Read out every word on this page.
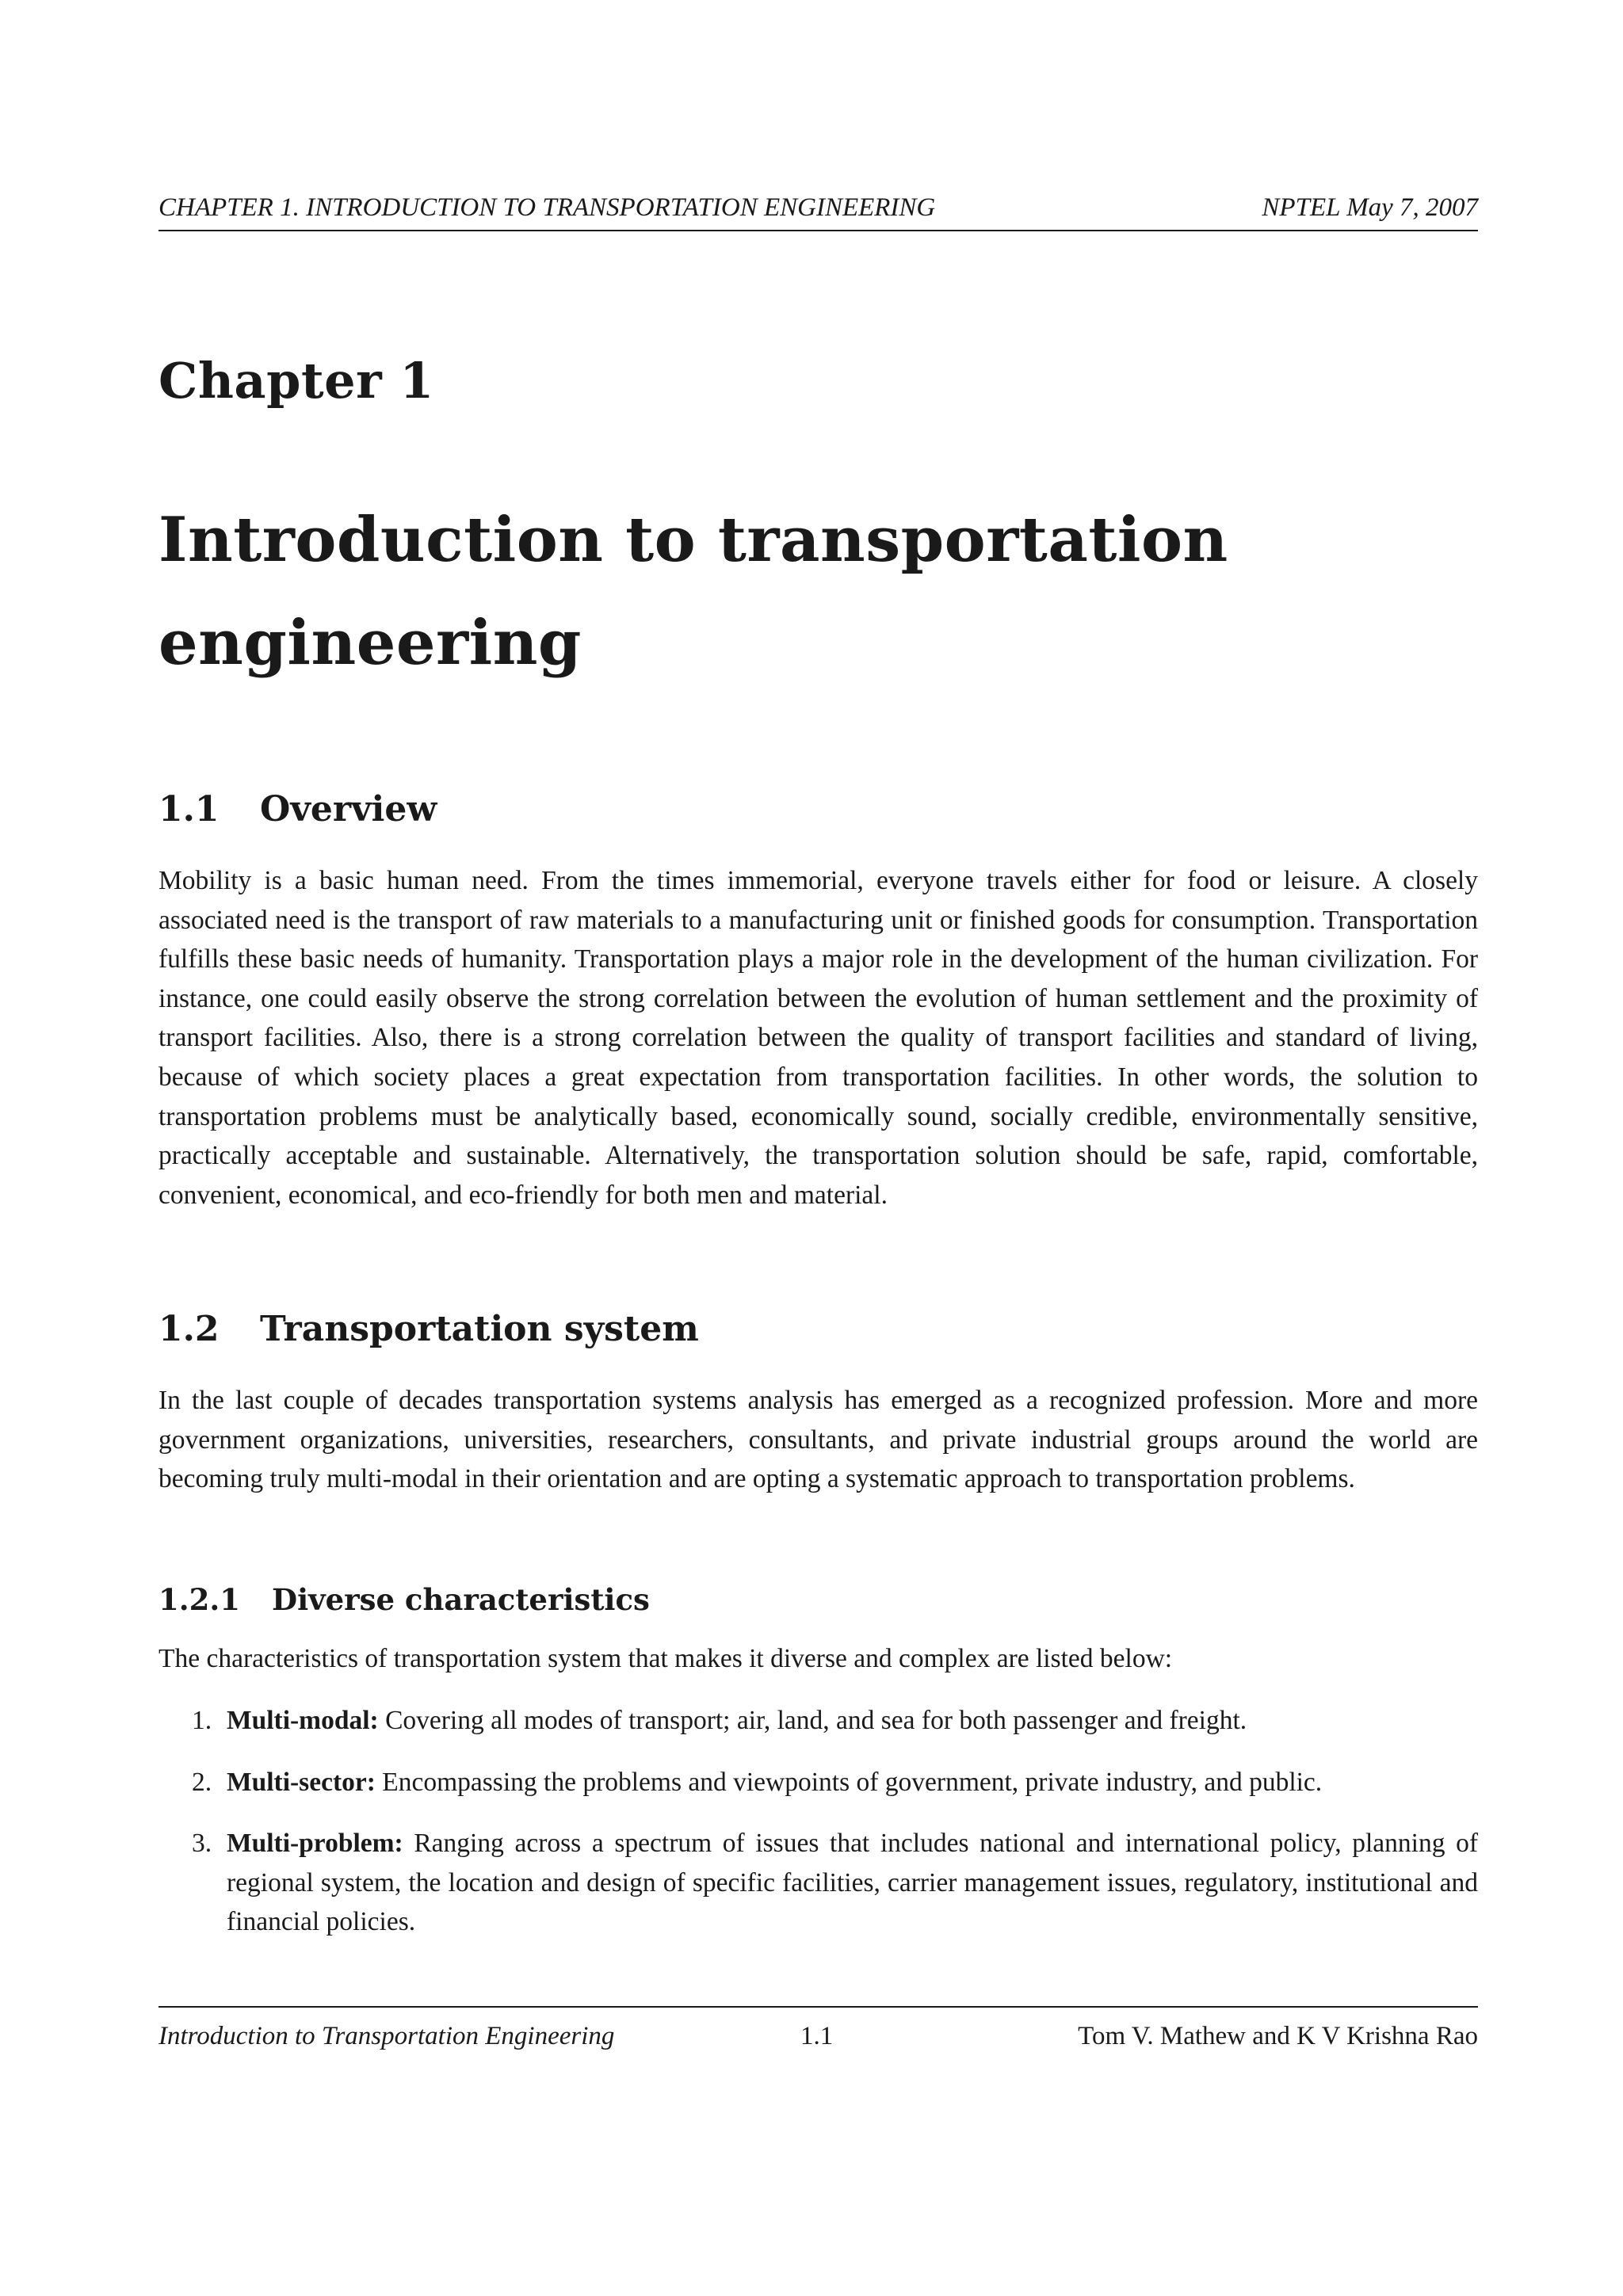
CHAPTER 1. INTRODUCTION TO TRANSPORTATION ENGINEERING	NPTEL May 7, 2007
Chapter 1
Introduction to transportation
engineering
1.1 Overview

Mobility is a basic human need. From the times immemorial, everyone travels either for food or leisure. A closely associated need is the transport of raw materials to a manufacturing unit or finished goods for consumption. Transportation fulfills these basic needs of humanity. Transportation plays a major role in the development of the human civilization. For instance, one could easily observe the strong correlation between the evolution of human settlement and the proximity of transport facilities. Also, there is a strong correlation between the quality of transport facilities and standard of living, because of which society places a great expectation from transportation facilities. In other words, the solution to transportation problems must be analytically based, economically sound, socially credible, environmentally sensitive, practically acceptable and sustainable. Alternatively, the transportation solution should be safe, rapid, comfortable, convenient, economical, and eco-friendly for both men and material.

1.2 Transportation system

In the last couple of decades transportation systems analysis has emerged as a recognized profession. More and more government organizations, universities, researchers, consultants, and private industrial groups around the world are becoming truly multi-modal in their orientation and are opting a systematic approach to transportation problems.

1.2.1 Diverse characteristics

The characteristics of transportation system that makes it diverse and complex are listed below:

1. Multi-modal: Covering all modes of transport; air, land, and sea for both passenger and freight.
2. Multi-sector: Encompassing the problems and viewpoints of government, private industry, and public.
3. Multi-problem: Ranging across a spectrum of issues that includes national and international policy, planning of regional system, the location and design of specific facilities, carrier management issues, regulatory, institutional and financial policies.
Introduction to Transportation Engineering	1.1	Tom V. Mathew and K V Krishna Rao
